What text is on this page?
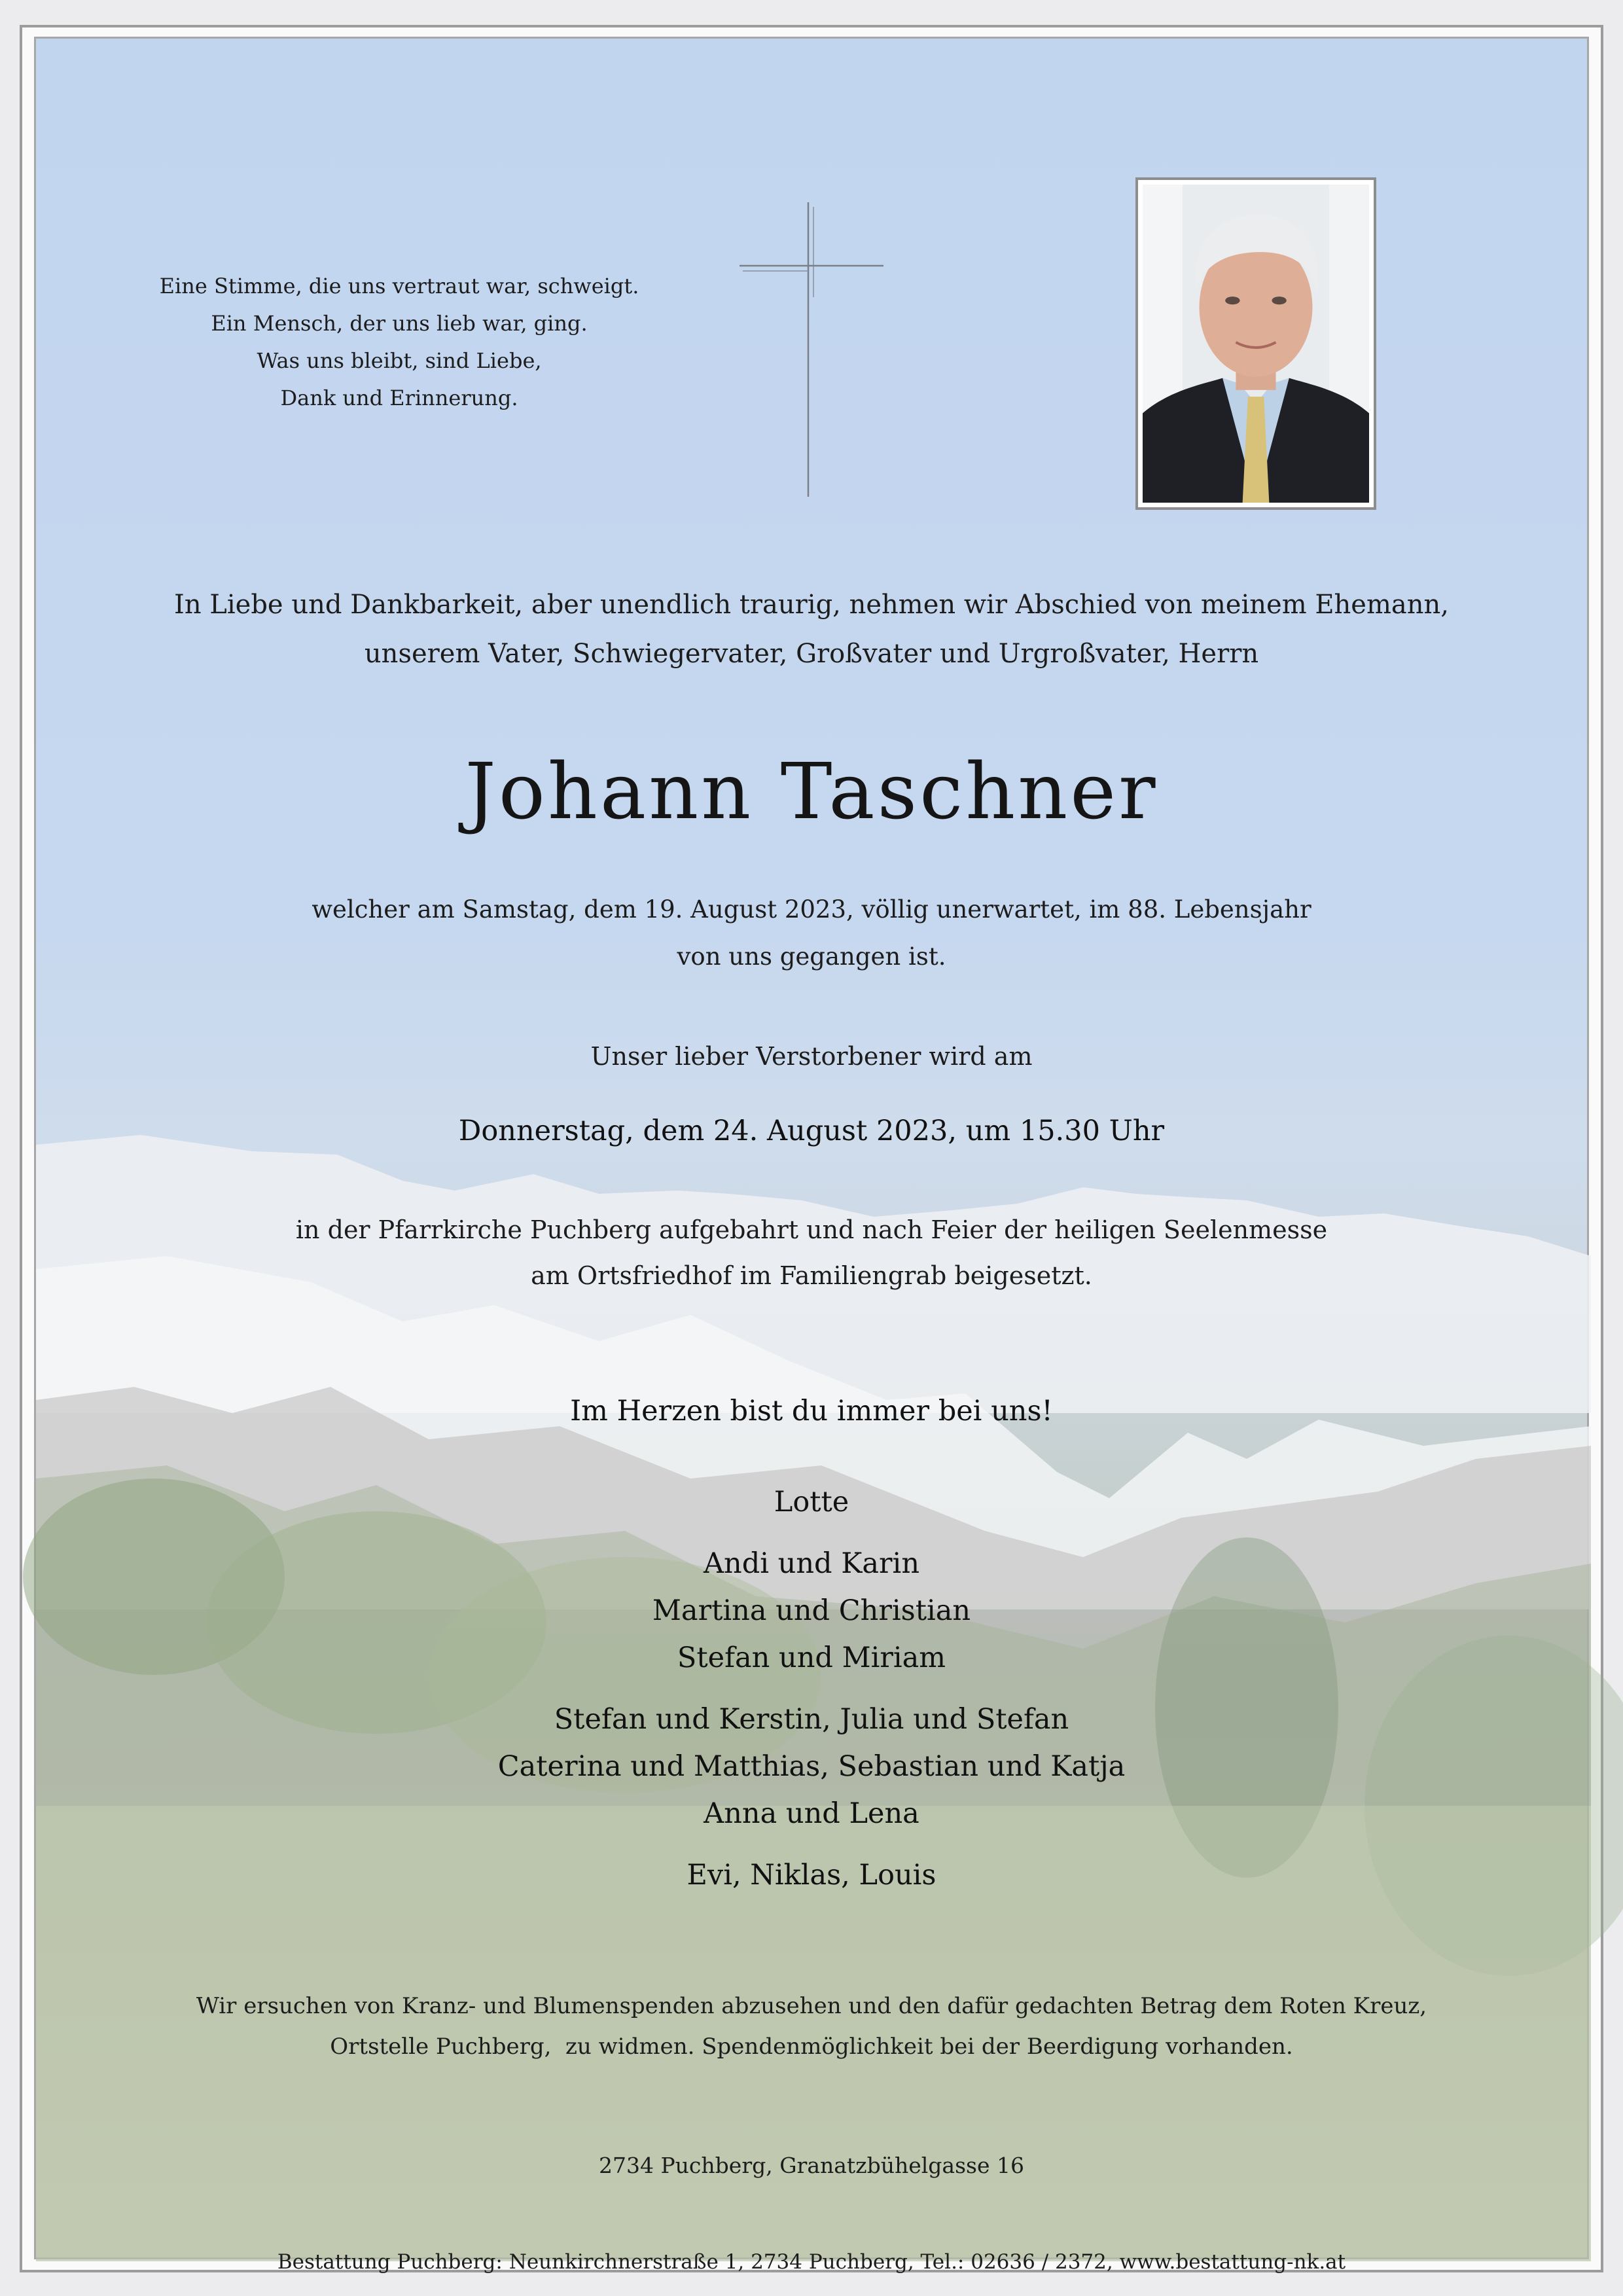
Eine Stimme, die uns vertraut war, schweigt.
Ein Mensch, der uns lieb war, ging.
Was uns bleibt, sind Liebe,
Dank und Erinnerung.
In Liebe und Dankbarkeit, aber unendlich traurig, nehmen wir Abschied von meinem Ehemann,
unserem Vater, Schwiegervater, Großvater und Urgroßvater, Herrn
Johann Taschner
welcher am Samstag, dem 19. August 2023, völlig unerwartet, im 88. Lebensjahr
von uns gegangen ist.
Unser lieber Verstorbener wird am
Donnerstag, dem 24. August 2023, um 15.30 Uhr
in der Pfarrkirche Puchberg aufgebahrt und nach Feier der heiligen Seelenmesse
am Ortsfriedhof im Familiengrab beigesetzt.
Im Herzen bist du immer bei uns!
Lotte
Andi und Karin
Martina und Christian
Stefan und Miriam
Stefan und Kerstin, Julia und Stefan
Caterina und Matthias, Sebastian und Katja
Anna und Lena
Evi, Niklas, Louis
Wir ersuchen von Kranz- und Blumenspenden abzusehen und den dafür gedachten Betrag dem Roten Kreuz,
Ortstelle Puchberg,  zu widmen. Spendenmöglichkeit bei der Beerdigung vorhanden.
2734 Puchberg, Granatzbühelgasse 16
Bestattung Puchberg: Neunkirchnerstraße 1, 2734 Puchberg, Tel.: 02636 / 2372, www.bestattung-nk.at
